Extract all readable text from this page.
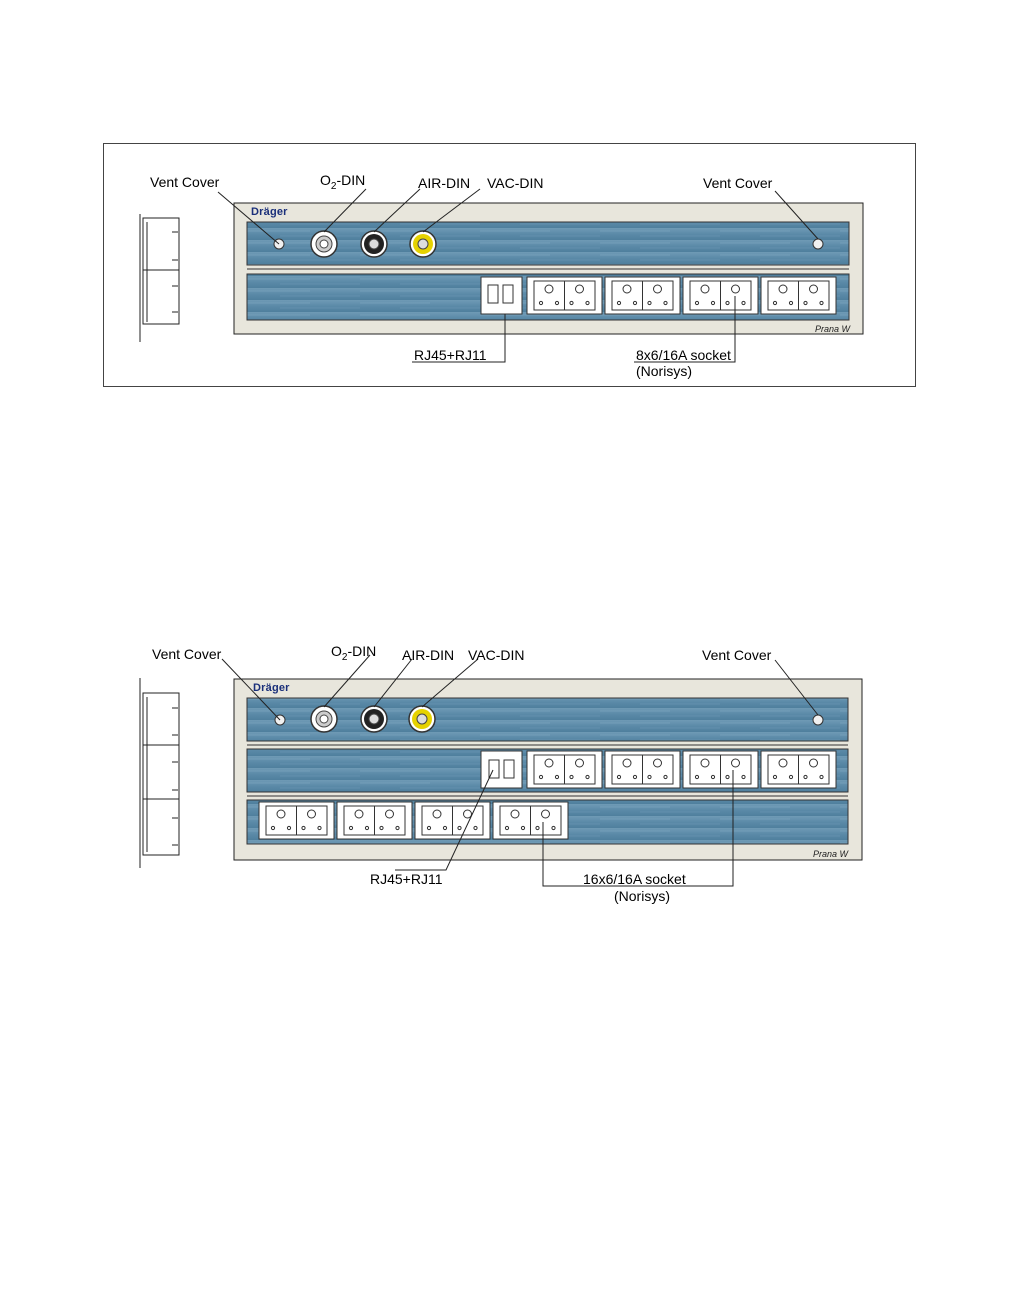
Vent Cover	$O_2$-DIN	AIR-DIN VAC-DIN	Vent Cover
Dräger
Prana W
RJ45+RJ11	8x6/16A socket
(Norisys)
Vent Cover	$O_2$-DIN AIR-DIN VAC-DIN	Vent Cover
Dräger
Prana W
RJ45+RJ11	16x6/16A socket
(Norisys)
